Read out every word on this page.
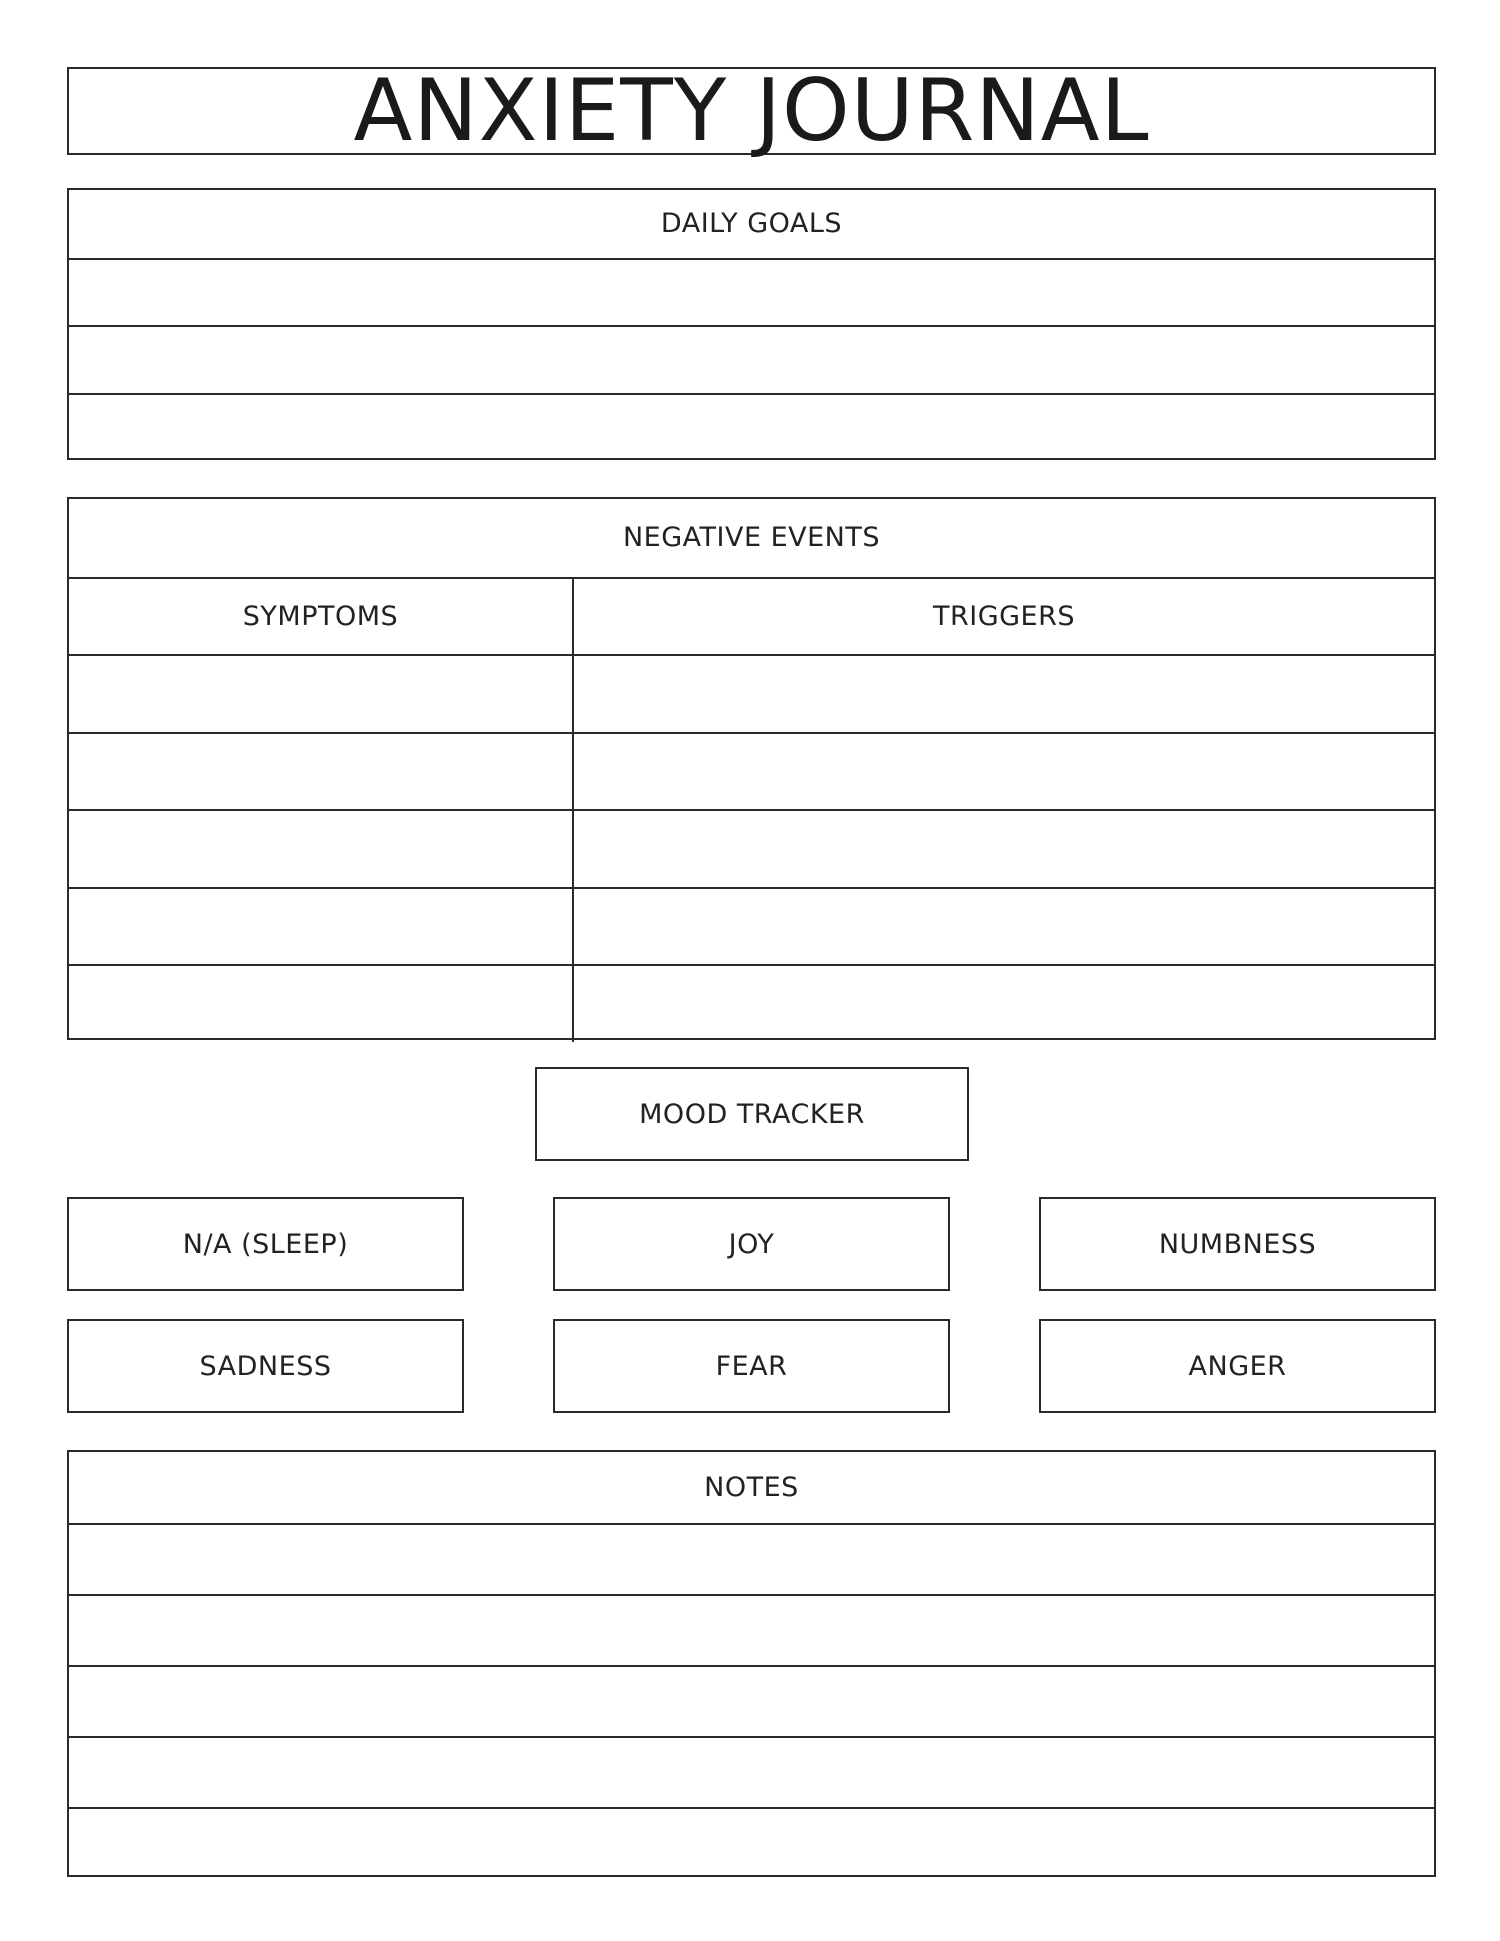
ANXIETY JOURNAL
DAILY GOALS
NEGATIVE EVENTS
SYMPTOMS	TRIGGERS
MOOD TRACKER
N/A (SLEEP)	JOY	NUMBNESS
SADNESS	FEAR	ANGER
NOTES
